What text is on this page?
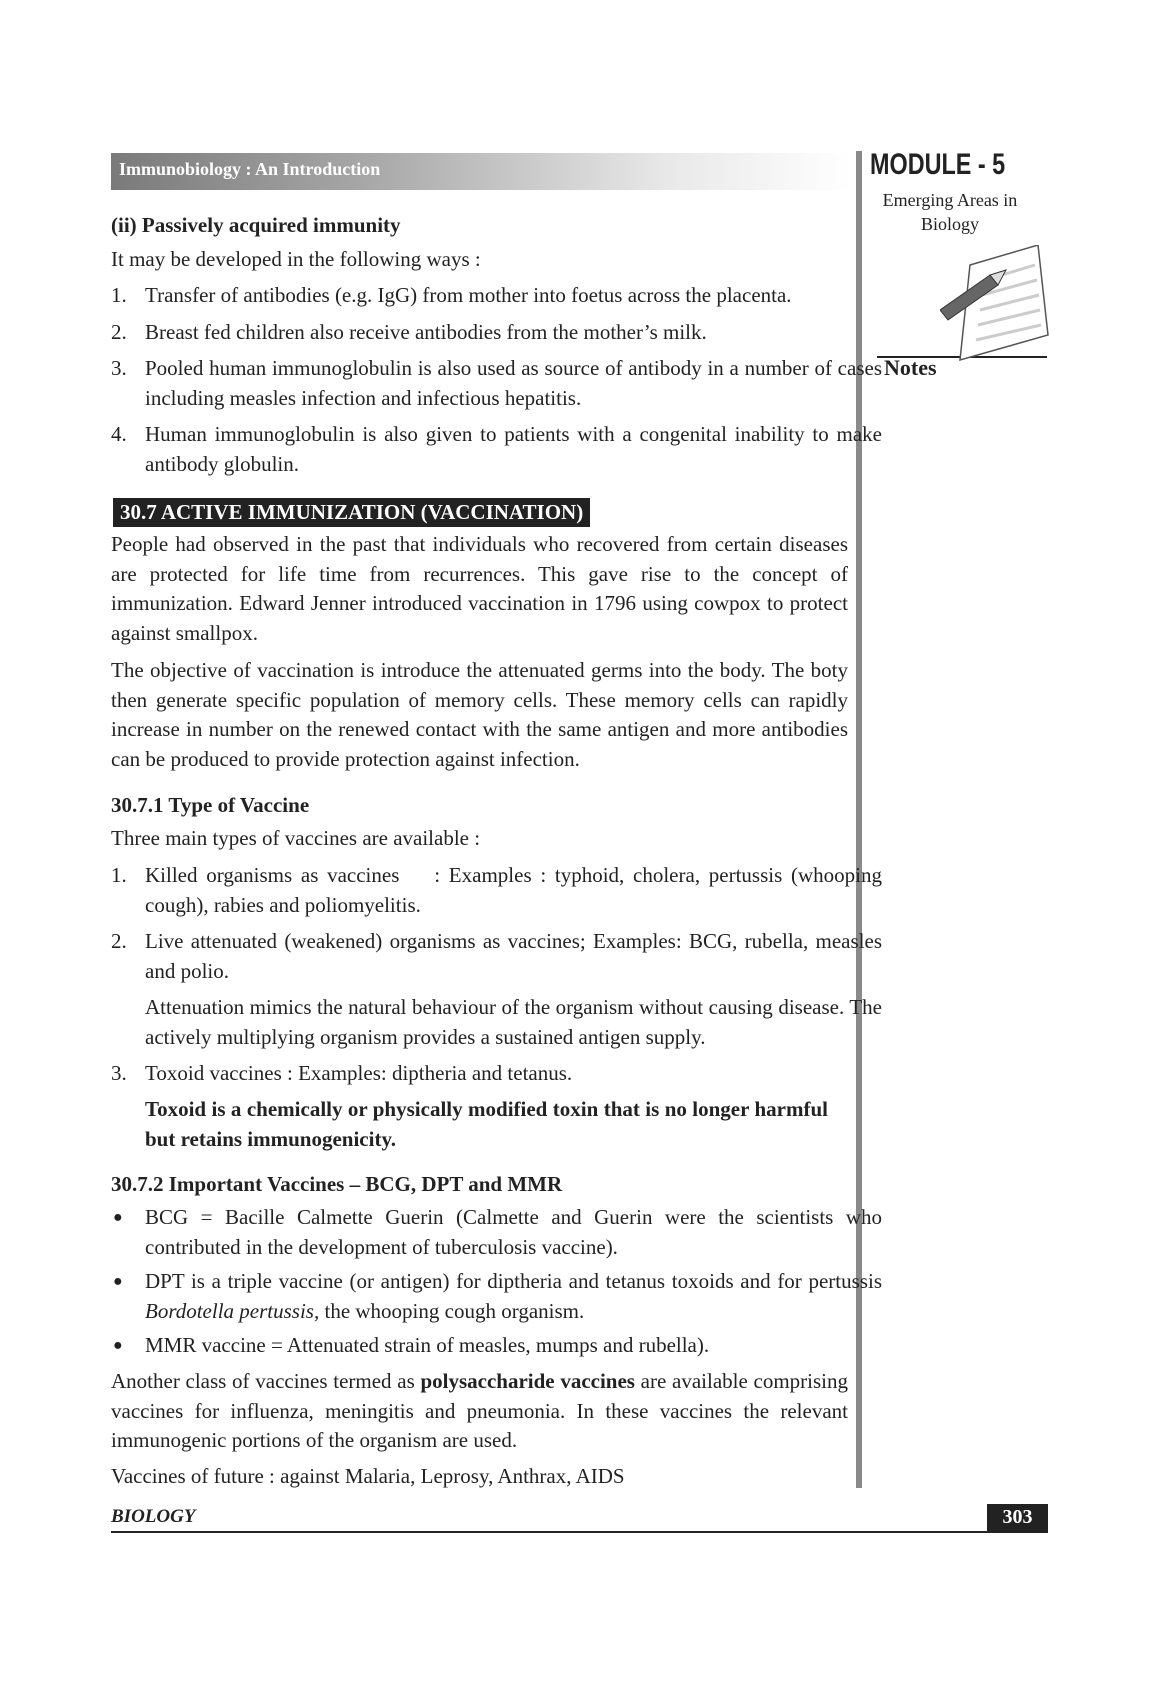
Immunobiology : An Introduction	MODULE - 5
Emerging Areas in Biology
Notes
(ii) Passively acquired immunity
It may be developed in the following ways :
1. Transfer of antibodies (e.g. IgG) from mother into foetus across the placenta.
2. Breast fed children also receive antibodies from the mother’s milk.
3. Pooled human immunoglobulin is also used as source of antibody in a number of cases including measles infection and infectious hepatitis.
4. Human immunoglobulin is also given to patients with a congenital inability to make antibody globulin.
30.7 ACTIVE IMMUNIZATION (VACCINATION)
People had observed in the past that individuals who recovered from certain diseases are protected for life time from recurrences. This gave rise to the concept of immunization. Edward Jenner introduced vaccination in 1796 using cowpox to protect against smallpox.
The objective of vaccination is introduce the attenuated germs into the body. The boty then generate specific population of memory cells. These memory cells can rapidly increase in number on the renewed contact with the same antigen and more antibodies can be produced to provide protection against infection.
30.7.1 Type of Vaccine
Three main types of vaccines are available :
1. Killed organisms as vaccines    : Examples : typhoid, cholera, pertussis (whooping cough), rabies and poliomyelitis.
2. Live attenuated (weakened) organisms as vaccines; Examples: BCG, rubella, measles and polio.
Attenuation mimics the natural behaviour of the organism without causing disease. The actively multiplying organism provides a sustained antigen supply.
3. Toxoid vaccines : Examples: diptheria and tetanus.
Toxoid is a chemically or physically modified toxin that is no longer harmful but retains immunogenicity.
30.7.2 Important Vaccines – BCG, DPT and MMR
● BCG = Bacille Calmette Guerin (Calmette and Guerin were the scientists who contributed in the development of tuberculosis vaccine).
● DPT is a triple vaccine (or antigen) for diptheria and tetanus toxoids and for pertussis Bordotella pertussis, the whooping cough organism.
● MMR vaccine = Attenuated strain of measles, mumps and rubella).
Another class of vaccines termed as polysaccharide vaccines are available comprising vaccines for influenza, meningitis and pneumonia. In these vaccines the relevant immunogenic portions of the organism are used.
Vaccines of future : against Malaria, Leprosy, Anthrax, AIDS
BIOLOGY	303
